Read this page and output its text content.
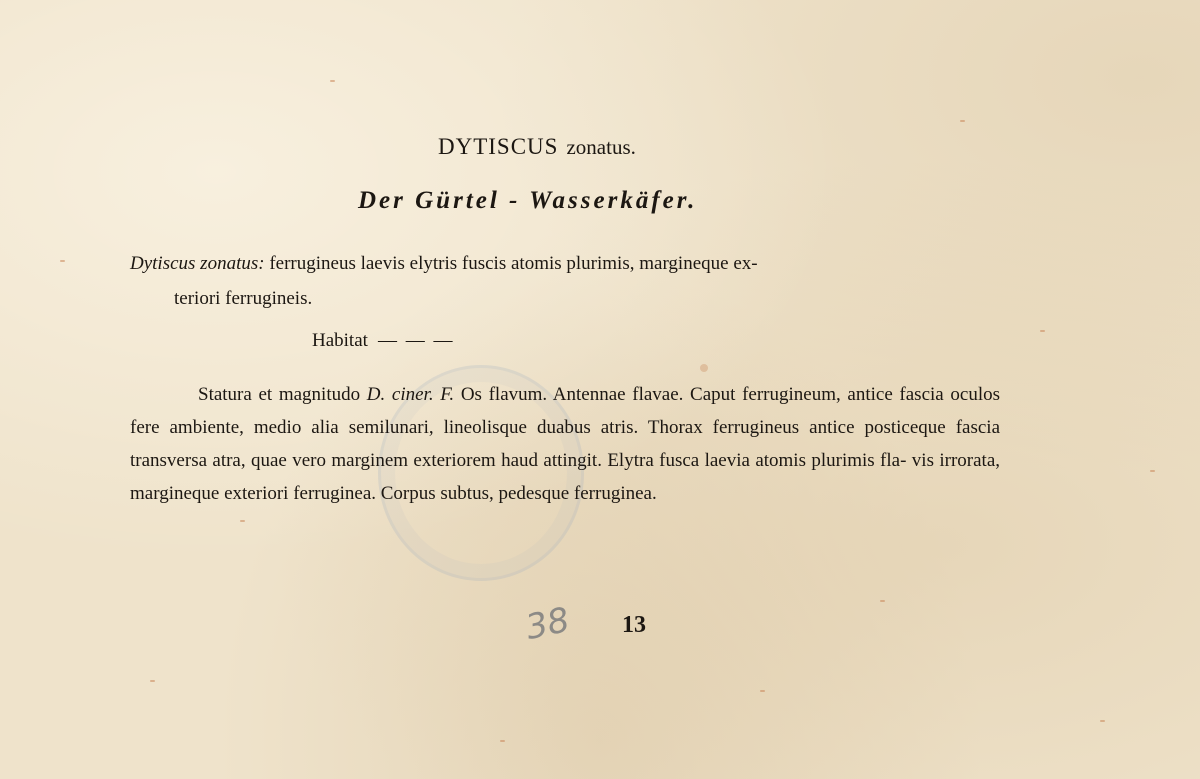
DYTISCUS zonatus.
Der Gürtel - Wasserkäfer.
Dytiscus zonatus: ferrugineus laevis elytris fuscis atomis plurimis, margineque ex-
teriori ferrugineis.
Habitat — — —
Statura et magnitudo D. ciner. F. Os flavum. Antennae flavae. Caput ferrugineum, antice fascia oculos fere ambiente, medio alia semilunari, lineolisque duabus atris. Thorax ferrugineus antice posticeque fascia transversa atra, quae vero marginem exteriorem haud attingit. Elytra fusca laevia atomis plurimis fla- vis irrorata, margineque exteriori ferruginea. Corpus subtus, pedesque ferruginea.
38 13
